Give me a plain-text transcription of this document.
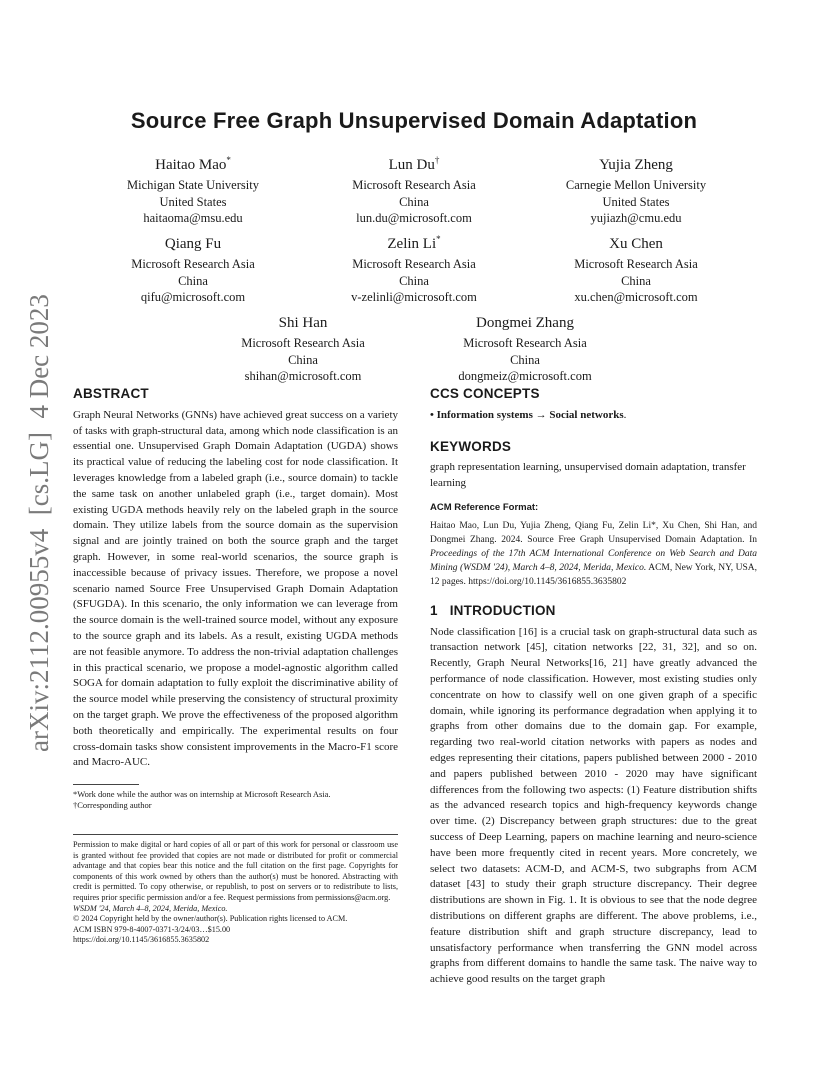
arXiv:2112.00955v4  [cs.LG]  4 Dec 2023
Source Free Graph Unsupervised Domain Adaptation
Haitao Mao*
Michigan State University
United States
haitaoma@msu.edu
Lun Du†
Microsoft Research Asia
China
lun.du@microsoft.com
Yujia Zheng
Carnegie Mellon University
United States
yujiazh@cmu.edu
Qiang Fu
Microsoft Research Asia
China
qifu@microsoft.com
Zelin Li*
Microsoft Research Asia
China
v-zelinli@microsoft.com
Xu Chen
Microsoft Research Asia
China
xu.chen@microsoft.com
Shi Han
Microsoft Research Asia
China
shihan@microsoft.com
Dongmei Zhang
Microsoft Research Asia
China
dongmeiz@microsoft.com
ABSTRACT

Graph Neural Networks (GNNs) have achieved great success on a variety of tasks with graph-structural data, among which node classification is an essential one. Unsupervised Graph Domain Adaptation (UGDA) shows its practical value of reducing the labeling cost for node classification. It leverages knowledge from a labeled graph (i.e., source domain) to tackle the same task on another unlabeled graph (i.e., target domain). Most existing UGDA methods heavily rely on the labeled graph in the source domain. They utilize labels from the source domain as the supervision signal and are jointly trained on both the source graph and the target graph. However, in some real-world scenarios, the source graph is inaccessible because of privacy issues. Therefore, we propose a novel scenario named Source Free Unsupervised Graph Domain Adaptation (SFUGDA). In this scenario, the only information we can leverage from the source domain is the well-trained source model, without any exposure to the source graph and its labels. As a result, existing UGDA methods are not feasible anymore. To address the non-trivial adaptation challenges in this practical scenario, we propose a model-agnostic algorithm called SOGA for domain adaptation to fully exploit the discriminative ability of the source model while preserving the consistency of structural proximity on the target graph. We prove the effectiveness of the proposed algorithm both theoretically and empirically. The experimental results on four cross-domain tasks show consistent improvements in the Macro-F1 score and Macro-AUC.

*Work done while the author was on internship at Microsoft Research Asia.
†Corresponding author
Permission to make digital or hard copies of all or part of this work for personal or classroom use is granted without fee provided that copies are not made or distributed for profit or commercial advantage and that copies bear this notice and the full citation on the first page. Copyrights for components of this work owned by others than the author(s) must be honored. Abstracting with credit is permitted. To copy otherwise, or republish, to post on servers or to redistribute to lists, requires prior specific permission and/or a fee. Request permissions from permissions@acm.org.
WSDM '24, March 4–8, 2024, Merida, Mexico.
© 2024 Copyright held by the owner/author(s). Publication rights licensed to ACM.
ACM ISBN 979-8-4007-0371-3/24/03…$15.00
https://doi.org/10.1145/3616855.3635802
CCS CONCEPTS

• Information systems → Social networks.

KEYWORDS

graph representation learning, unsupervised domain adaptation, transfer learning

ACM Reference Format:

Haitao Mao, Lun Du, Yujia Zheng, Qiang Fu, Zelin Li*, Xu Chen, Shi Han, and Dongmei Zhang. 2024. Source Free Graph Unsupervised Domain Adaptation. In Proceedings of the 17th ACM International Conference on Web Search and Data Mining (WSDM '24), March 4–8, 2024, Merida, Mexico. ACM, New York, NY, USA, 12 pages. https://doi.org/10.1145/3616855.3635802

1 INTRODUCTION

Node classification [16] is a crucial task on graph-structural data such as transaction network [45], citation networks [22, 31, 32], and so on. Recently, Graph Neural Networks[16, 21] have greatly advanced the performance of node classification. However, most existing studies only concentrate on how to classify well on one given graph of a specific domain, while ignoring its performance degradation when applying it to graphs from other domains due to the domain gap. For example, regarding two real-world citation networks with papers as nodes and edges representing their citations, papers published between 2000 - 2010 and papers published between 2010 - 2020 may have significant differences from the following two aspects: (1) Feature distribution shifts as the advanced research topics and high-frequency keywords change over time. (2) Discrepancy between graph structures: due to the great success of Deep Learning, papers on machine learning and neuro-science have been more frequently cited in recent years. More concretely, we select two datasets: ACM-D, and ACM-S, two subgraphs from ACM dataset [43] to study their graph structure discrepancy. Their degree distributions are shown in Fig. 1. It is obvious to see that the node degree distributions on different graphs are different. The above problems, i.e., feature distribution shift and graph structure discrepancy, lead to unsatisfactory performance when transferring the GNN model across graphs from different domains to handle the same task. The naive way to achieve good results on the target graph
